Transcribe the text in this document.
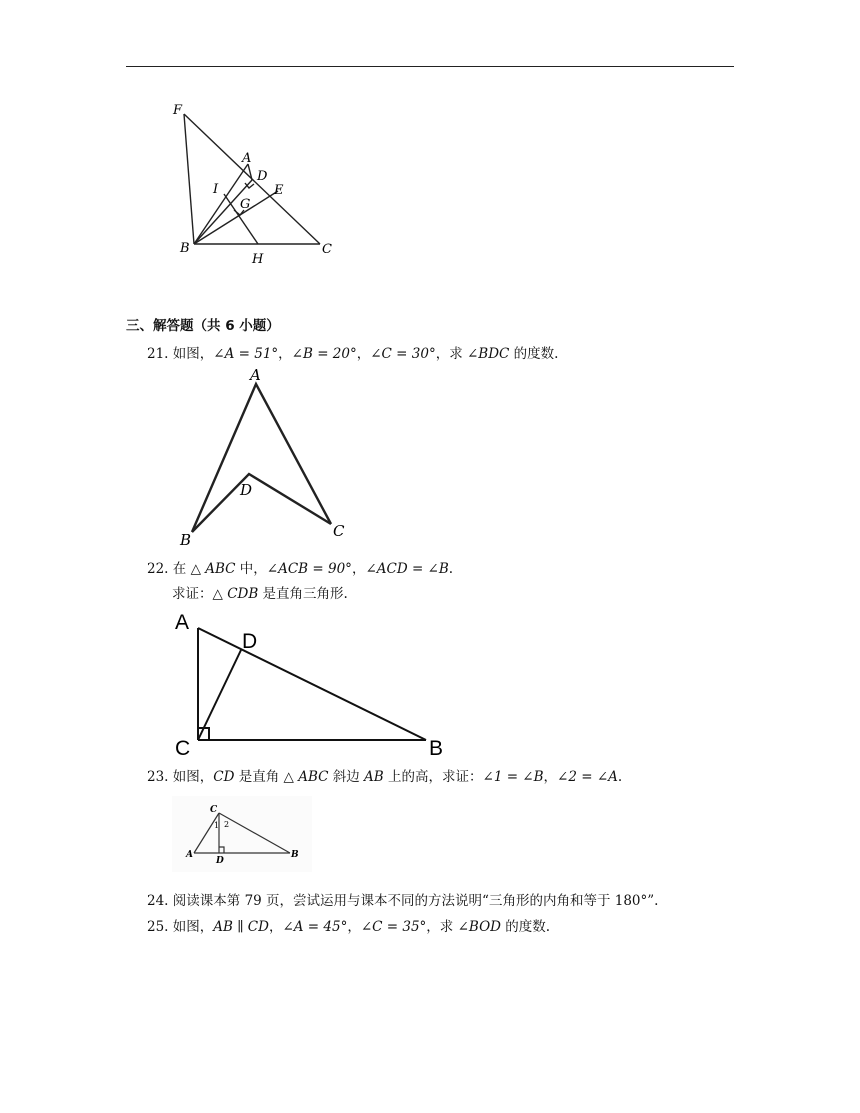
F
A
D
E
I
G
B
H
C
三、解答题（共 6 小题）
21. 如图，∠A = 51°，∠B = 20°，∠C = 30°，求 ∠BDC 的度数.
A
D
B	C
22. 在 △ ABC 中，∠ACB = 90°，∠ACD = ∠B.
求证：△ CDB 是直角三角形.
A
D
C	B
23. 如图，CD 是直角 △ ABC 斜边 AB 上的高，求证：∠1 = ∠B，∠2 = ∠A.
C
1 2
A
D
B
24. 阅读课本第 79 页，尝试运用与课本不同的方法说明“三角形的内角和等于 180°”.
25. 如图，AB ∥ CD，∠A = 45°，∠C = 35°，求 ∠BOD 的度数.
